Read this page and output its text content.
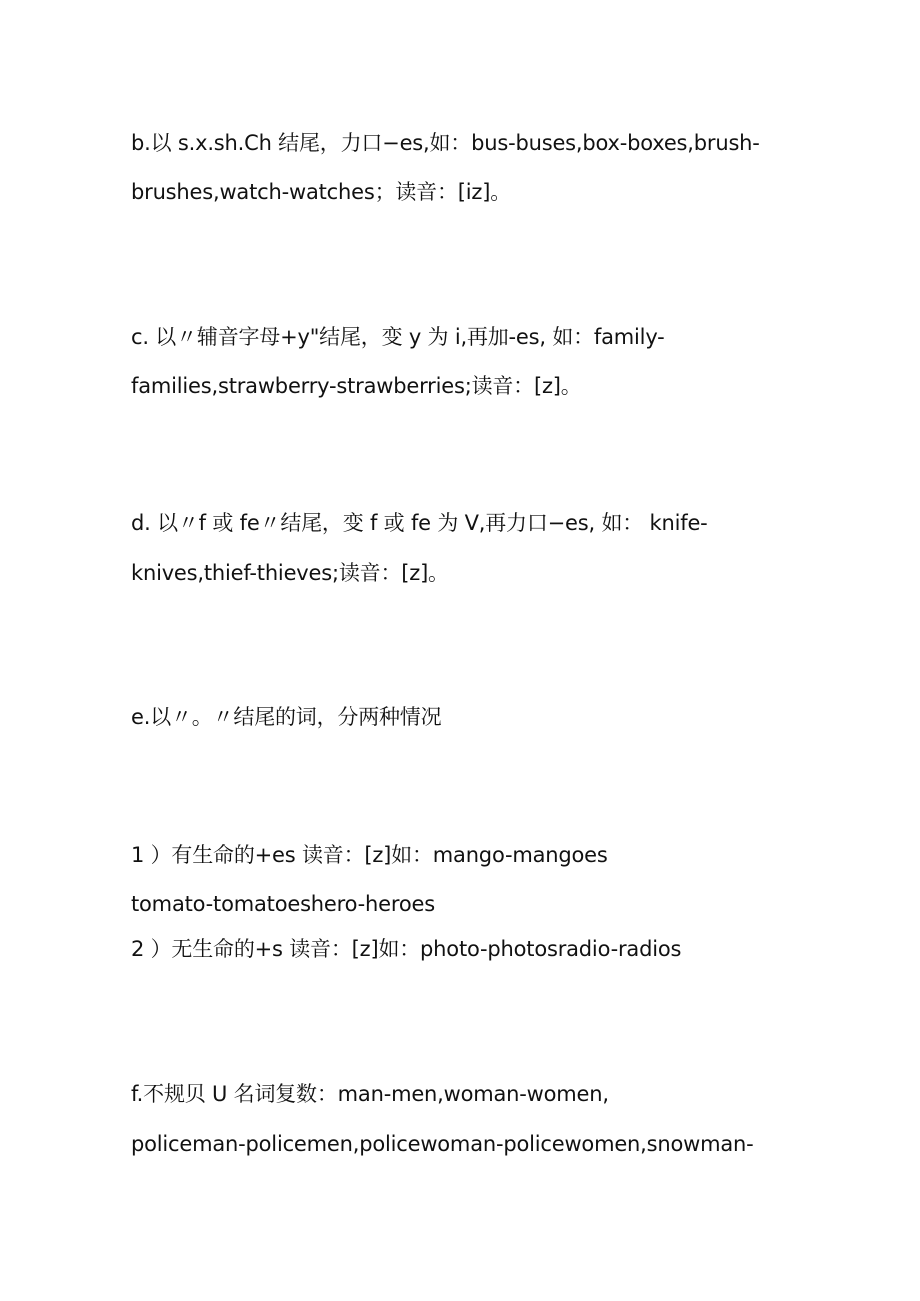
b.以 s.x.sh.Ch 结尾，力口−es,如：bus-buses,box-boxes,brush-
brushes,watch-watches；读音：[iz]。
c. 以〃辅音字母+y"结尾，变 y 为 i,再加-es, 如：family-
families,strawberry-strawberries;读音：[z]。
d. 以〃f 或 fe〃结尾，变 f 或 fe 为 V,再力口−es, 如： knife-
knives,thief-thieves;读音：[z]。
e.以〃。〃结尾的词，分两种情况
1 ）有生命的+es 读音：[z]如：mango-mangoes
tomato-tomatoeshero-heroes
2 ）无生命的+s 读音：[z]如：photo-photosradio-radios
f.不规贝 U 名词复数：man-men,woman-women,
policeman-policemen,policewoman-policewomen,snowman-
